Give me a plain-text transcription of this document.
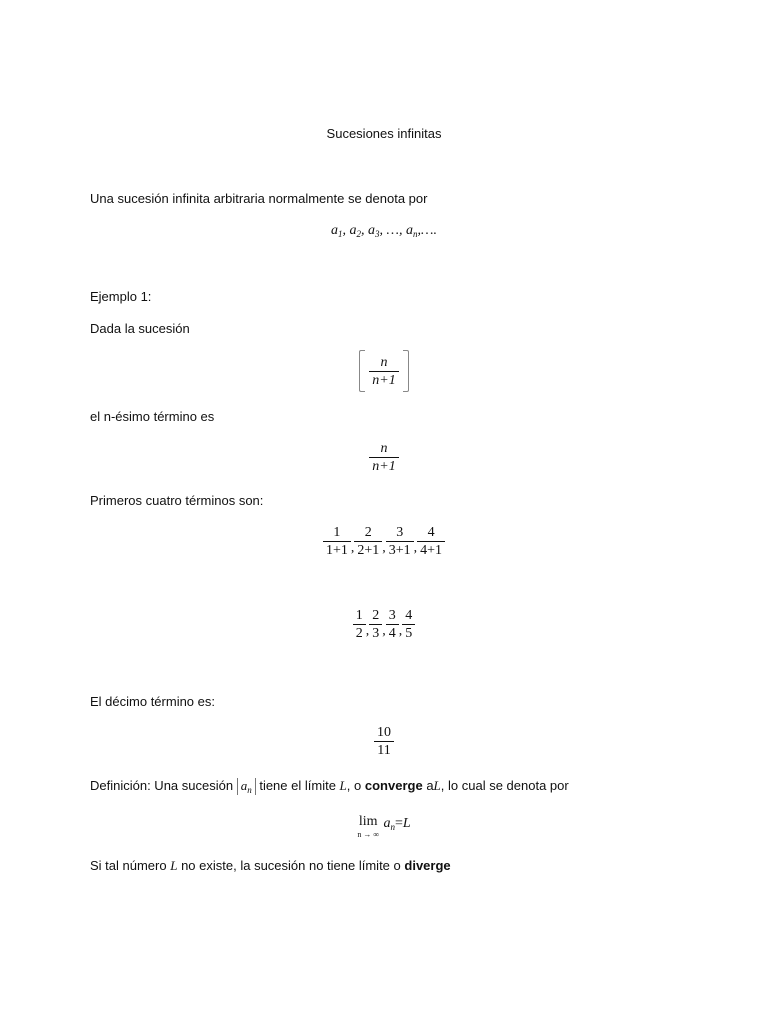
Sucesiones infinitas
Una sucesión infinita arbitraria normalmente se denota por
$a_1$, $a_2$, $a_3$, …, $a_n,\dots$.
Ejemplo 1:
Dada la sucesión

$\frac{n}{n+1}$

el n-ésimo término es
$\frac{n}{n+1}$
Primeros cuatro términos son:
$\frac{1}{1+1}$ , $\frac{2}{2+1}$ , $\frac{3}{3+1}$ , $\frac{4}{4+1}$
$\frac{1}{2}$ , $\frac{2}{3}$ , $\frac{3}{4}$ , $\frac{4}{5}$
El décimo término es:
$\frac{10}{11}$
Definición: Una sucesión $a_n$ tiene el límite L, o converge aL, lo cual se denota por
lim
n → ∞
$a_n=L$
Si tal número L no existe, la sucesión no tiene límite o diverge
